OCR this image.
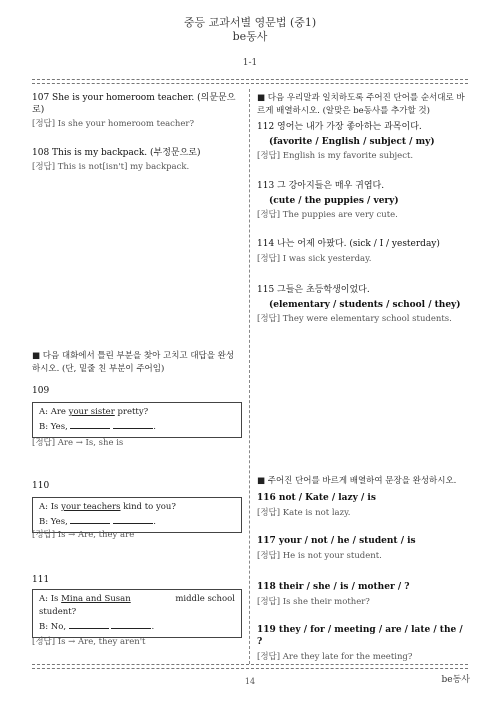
중등 교과서별 영문법 (중1)
be동사
1-1
107 She is your homeroom teacher. (의문문으로)
[정답] Is she your homeroom teacher?
108 This is my backpack. (부정문으로)
[정답] This is not[isn't] my backpack.
■ 다음 대화에서 틀린 부분을 찾아 고치고 대답을 완성하시오. (단, 밑줄 친 부분이 주어임)
109
A: Are your sister pretty?
B: Yes,	.
[정답] Are → Is, she is
110
A: Is your teachers kind to you?
B: Yes,	.
[정답] Is → Are, they are
111
A: Is Mina and Susan	middle school
student?
B: No,	.
[정답] Is → Are, they aren't
■ 다음 우리말과 일치하도록 주어진 단어를 순서대로 바르게 배열하시오. (알맞은 be동사를 추가할 것)
112 영어는 내가 가장 좋아하는 과목이다.
(favorite / English / subject / my)
[정답] English is my favorite subject.
113 그 강아지들은 매우 귀엽다.
(cute / the puppies / very)
[정답] The puppies are very cute.
114 나는 어제 아팠다. (sick / I / yesterday)
[정답] I was sick yesterday.
115 그들은 초등학생이었다.
(elementary / students / school / they)
[정답] They were elementary school students.
■ 주어진 단어를 바르게 배열하여 문장을 완성하시오.
116 not / Kate / lazy / is
[정답] Kate is not lazy.
117 your / not / he / student / is
[정답] He is not your student.
118 their / she / is / mother / ?
[정답] Is she their mother?
119 they / for / meeting / are / late / the / ?
[정답] Are they late for the meeting?
14	be동사
